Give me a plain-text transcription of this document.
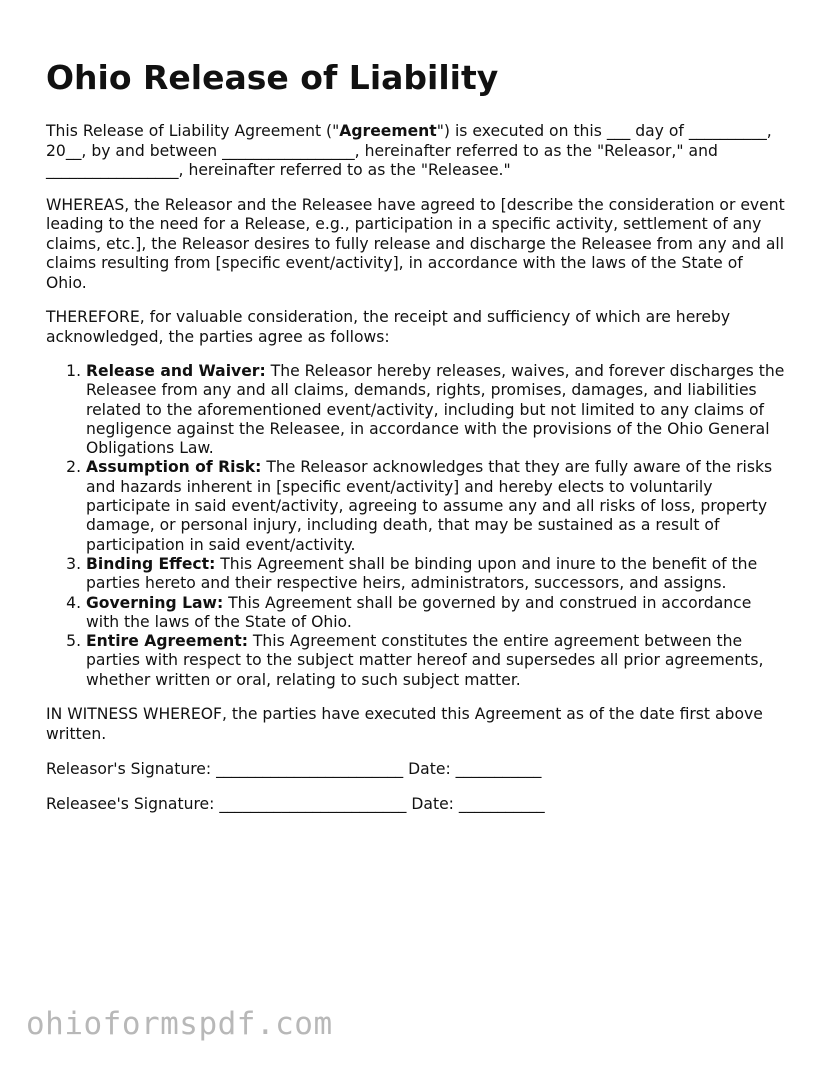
Ohio Release of Liability

This Release of Liability Agreement ("Agreement") is executed on this ___ day of __________, 20__, by and between _________________, hereinafter referred to as the "Releasor," and _________________, hereinafter referred to as the "Releasee."

WHEREAS, the Releasor and the Releasee have agreed to [describe the consideration or event leading to the need for a Release, e.g., participation in a specific activity, settlement of any claims, etc.], the Releasor desires to fully release and discharge the Releasee from any and all claims resulting from [specific event/activity], in accordance with the laws of the State of Ohio.

THEREFORE, for valuable consideration, the receipt and sufficiency of which are hereby acknowledged, the parties agree as follows:

1. Release and Waiver: The Releasor hereby releases, waives, and forever discharges the Releasee from any and all claims, demands, rights, promises, damages, and liabilities related to the aforementioned event/activity, including but not limited to any claims of negligence against the Releasee, in accordance with the provisions of the Ohio General Obligations Law.
2. Assumption of Risk: The Releasor acknowledges that they are fully aware of the risks and hazards inherent in [specific event/activity] and hereby elects to voluntarily participate in said event/activity, agreeing to assume any and all risks of loss, property damage, or personal injury, including death, that may be sustained as a result of participation in said event/activity.
3. Binding Effect: This Agreement shall be binding upon and inure to the benefit of the parties hereto and their respective heirs, administrators, successors, and assigns.
4. Governing Law: This Agreement shall be governed by and construed in accordance with the laws of the State of Ohio.
5. Entire Agreement: This Agreement constitutes the entire agreement between the parties with respect to the subject matter hereof and supersedes all prior agreements, whether written or oral, relating to such subject matter.

IN WITNESS WHEREOF, the parties have executed this Agreement as of the date first above written.

Releasor's Signature: ________________________ Date: ___________
Releasee's Signature: ________________________ Date: ___________
ohioformspdf.com
